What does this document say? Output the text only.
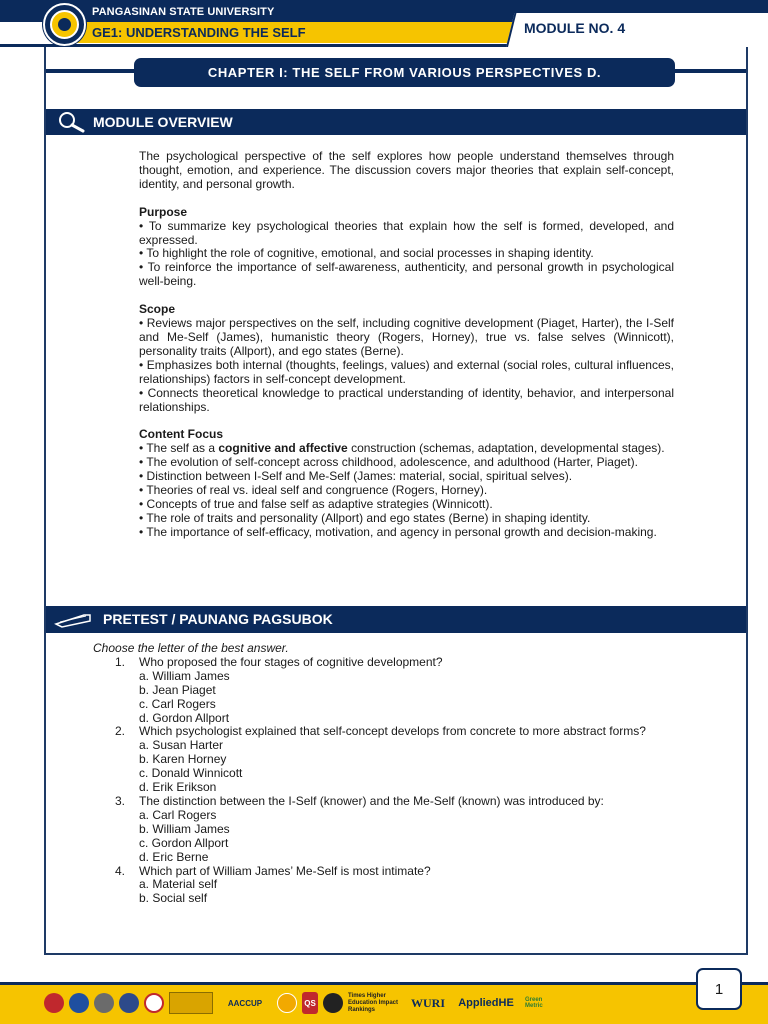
PANGASINAN STATE UNIVERSITY
GE1: UNDERSTANDING THE SELF	MODULE NO. 4
CHAPTER I: THE SELF FROM VARIOUS PERSPECTIVES D.
MODULE OVERVIEW

The psychological perspective of the self explores how people understand themselves through thought, emotion, and experience. The discussion covers major theories that explain self-concept, identity, and personal growth.

Purpose

• To summarize key psychological theories that explain how the self is formed, developed, and expressed.

• To highlight the role of cognitive, emotional, and social processes in shaping identity.

• To reinforce the importance of self-awareness, authenticity, and personal growth in psychological well-being.

Scope

• Reviews major perspectives on the self, including cognitive development (Piaget, Harter), the I-Self and Me-Self (James), humanistic theory (Rogers, Horney), true vs. false selves (Winnicott), personality traits (Allport), and ego states (Berne).

• Emphasizes both internal (thoughts, feelings, values) and external (social roles, cultural influences, relationships) factors in self-concept development.

• Connects theoretical knowledge to practical understanding of identity, behavior, and interpersonal relationships.

Content Focus

• The self as a cognitive and affective construction (schemas, adaptation, developmental stages).

• The evolution of self-concept across childhood, adolescence, and adulthood (Harter, Piaget).

• Distinction between I-Self and Me-Self (James: material, social, spiritual selves).

• Theories of real vs. ideal self and congruence (Rogers, Horney).

• Concepts of true and false self as adaptive strategies (Winnicott).

• The role of traits and personality (Allport) and ego states (Berne) in shaping identity.

• The importance of self-efficacy, motivation, and agency in personal growth and decision-making.

PRETEST / PAUNANG PAGSUBOK

Choose the letter of the best answer.

1. Who proposed the four stages of cognitive development?

a. William James

b. Jean Piaget

c. Carl Rogers

d. Gordon Allport

2. Which psychologist explained that self-concept develops from concrete to more abstract forms?

a. Susan Harter

b. Karen Horney

c. Donald Winnicott

d. Erik Erikson

3. The distinction between the I-Self (knower) and the Me-Self (known) was introduced by:

a. Carl Rogers

b. William James

c. Gordon Allport

d. Eric Berne

4. Which part of William James’ Me-Self is most intimate?

a. Material self

b. Social self

AACCUP	QS
Times Higher Education Impact Rankings	WURI	AppliedHE	Green Metric
1
